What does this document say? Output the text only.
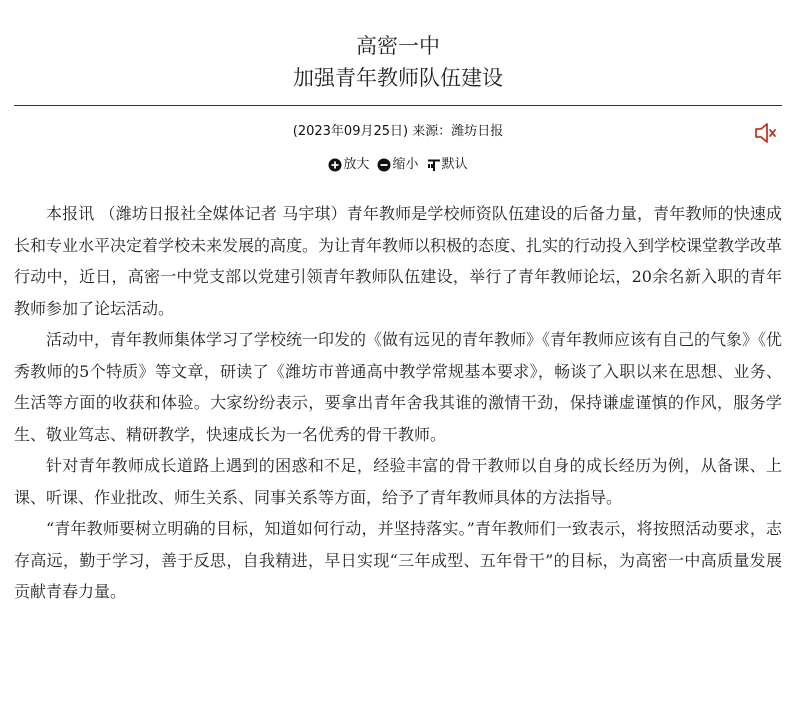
高密一中
加强青年教师队伍建设
(2023年09月25日) 来源：潍坊日报
放大
缩小
默认

本报讯 （潍坊日报社全媒体记者 马宇琪）青年教师是学校师资队伍建设的后备力量，青年教师的快速成长和专业水平决定着学校未来发展的高度。为让青年教师以积极的态度、扎实的行动投入到学校课堂教学改革行动中，近日，高密一中党支部以党建引领青年教师队伍建设，举行了青年教师论坛，20余名新入职的青年教师参加了论坛活动。

活动中，青年教师集体学习了学校统一印发的《做有远见的青年教师》《青年教师应该有自己的气象》《优秀教师的5个特质》等文章，研读了《潍坊市普通高中教学常规基本要求》，畅谈了入职以来在思想、业务、生活等方面的收获和体验。大家纷纷表示，要拿出青年舍我其谁的激情干劲，保持谦虚谨慎的作风，服务学生、敬业笃志、精研教学，快速成长为一名优秀的骨干教师。

针对青年教师成长道路上遇到的困惑和不足，经验丰富的骨干教师以自身的成长经历为例，从备课、上课、听课、作业批改、师生关系、同事关系等方面，给予了青年教师具体的方法指导。

“青年教师要树立明确的目标，知道如何行动，并坚持落实。”青年教师们一致表示，将按照活动要求，志存高远，勤于学习，善于反思，自我精进，早日实现“三年成型、五年骨干”的目标，为高密一中高质量发展贡献青春力量。
